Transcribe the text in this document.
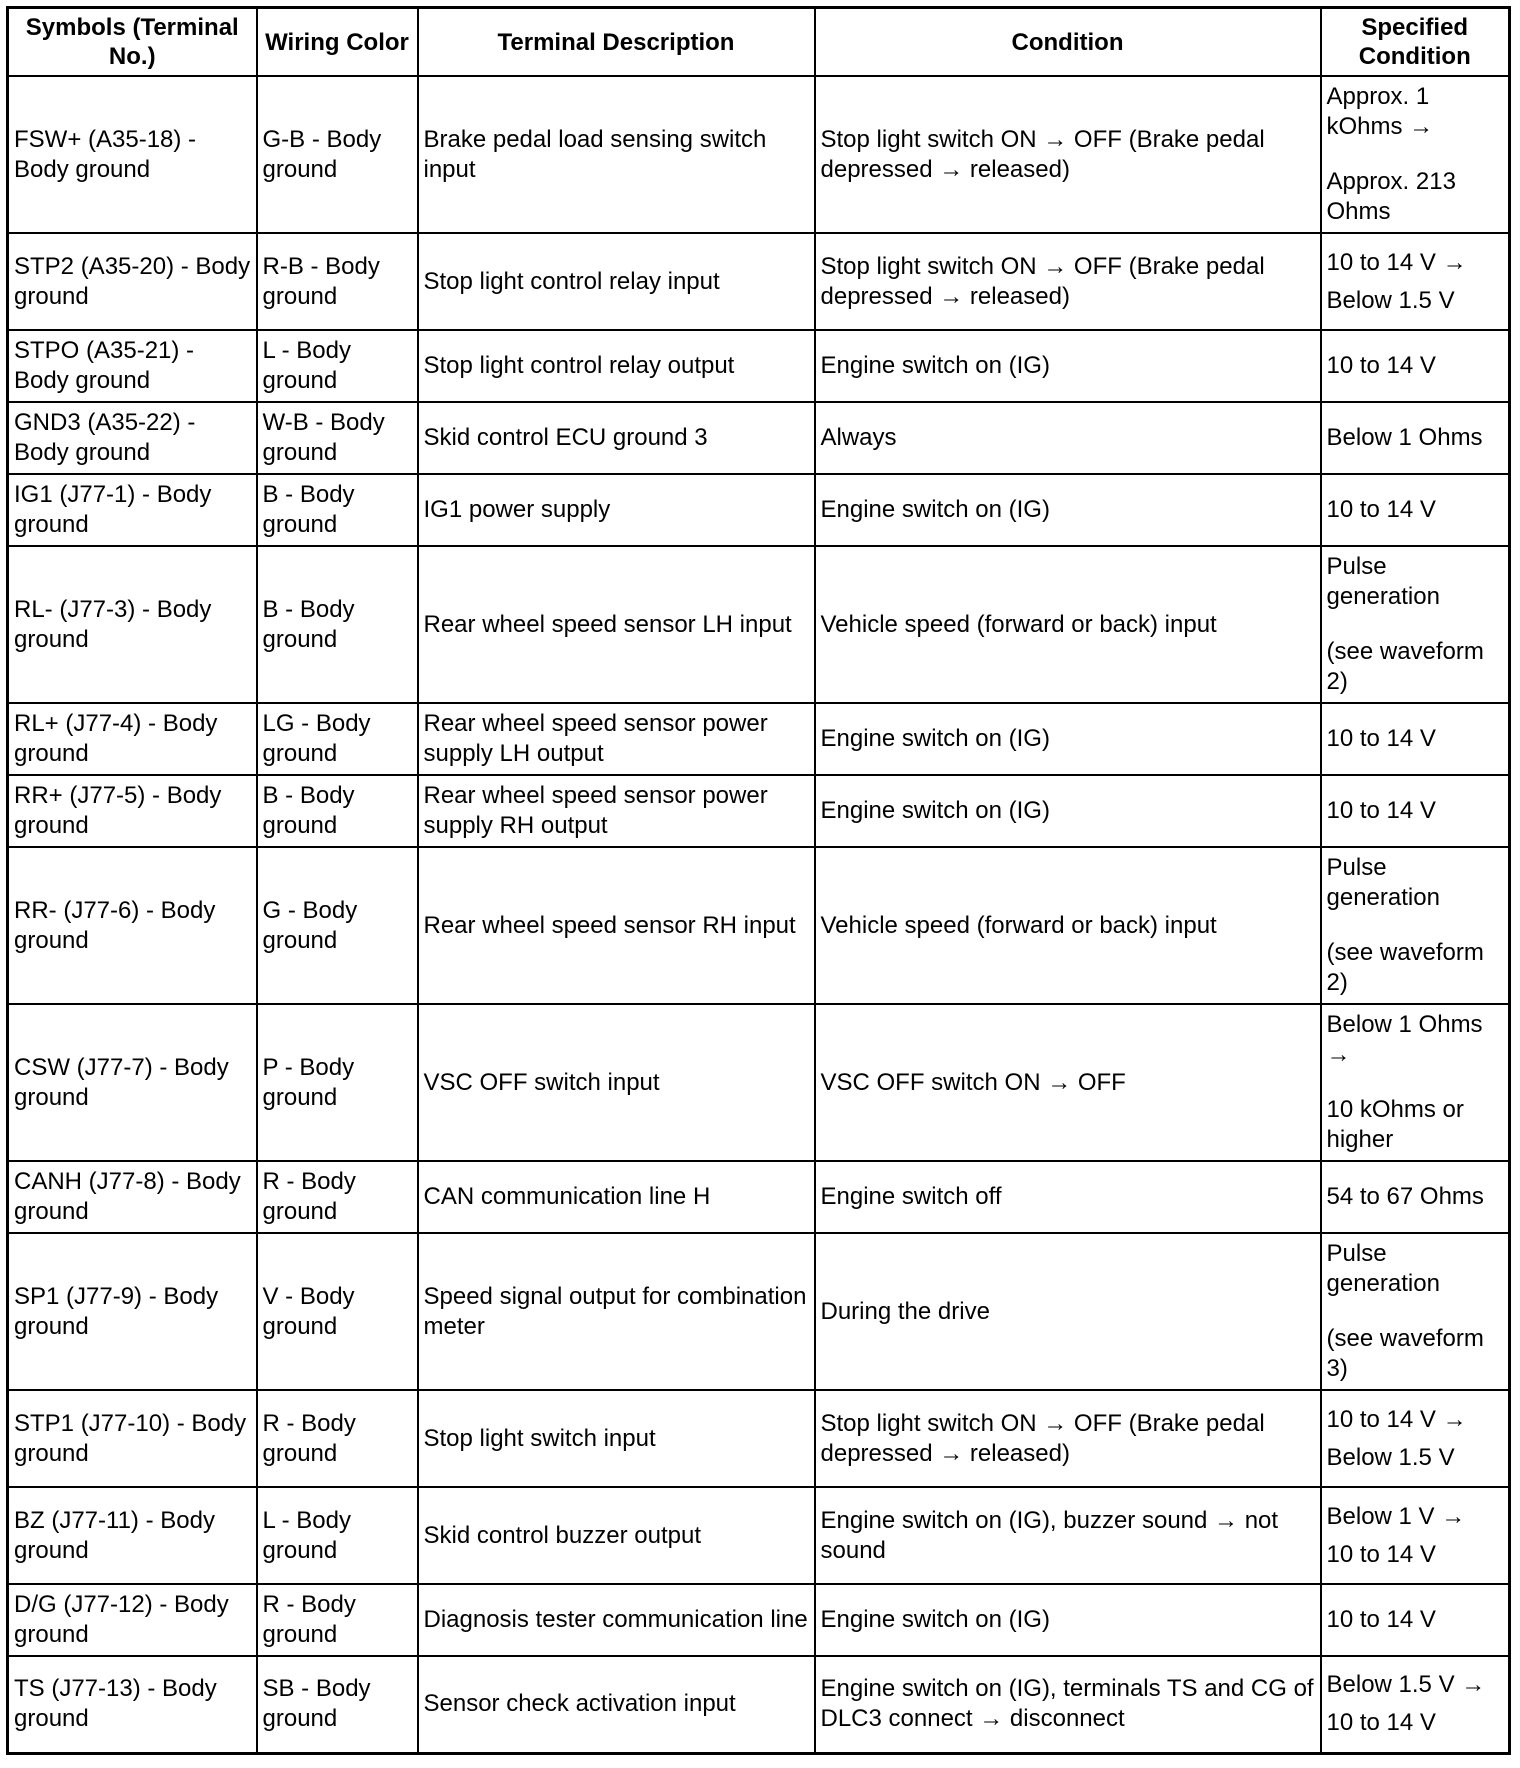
Symbols (Terminal No.)	Wiring Color	Terminal Description	Condition	Specified Condition
FSW+ (A35-18) - Body ground	G-B - Body ground	Brake pedal load sensing switch input	Stop light switch ON → OFF (Brake pedal depressed → released)	Approx. 1 kOhms →
Approx. 213 Ohms

STP2 (A35-20) - Body ground	R-B - Body ground	Stop light control relay input	Stop light switch ON → OFF (Brake pedal depressed → released)	10 to 14 V →
Below 1.5 V

STPO (A35-21) - Body ground	L - Body ground	Stop light control relay output	Engine switch on (IG)	10 to 14 V
GND3 (A35-22) - Body ground	W-B - Body ground	Skid control ECU ground 3	Always	Below 1 Ohms
IG1 (J77-1) - Body ground	B - Body ground	IG1 power supply	Engine switch on (IG)	10 to 14 V
RL- (J77-3) - Body ground	B - Body ground	Rear wheel speed sensor LH input	Vehicle speed (forward or back) input	Pulse generation
(see waveform 2)

RL+ (J77-4) - Body ground	LG - Body ground	Rear wheel speed sensor power supply LH output	Engine switch on (IG)	10 to 14 V
RR+ (J77-5) - Body ground	B - Body ground	Rear wheel speed sensor power supply RH output	Engine switch on (IG)	10 to 14 V
RR- (J77-6) - Body ground	G - Body ground	Rear wheel speed sensor RH input	Vehicle speed (forward or back) input	Pulse generation
(see waveform 2)

CSW (J77-7) - Body ground	P - Body ground	VSC OFF switch input	VSC OFF switch ON → OFF	Below 1 Ohms →
10 kOhms or higher

CANH (J77-8) - Body ground	R - Body ground	CAN communication line H	Engine switch off	54 to 67 Ohms
SP1 (J77-9) - Body ground	V - Body ground	Speed signal output for combination meter	During the drive	Pulse generation
(see waveform 3)

STP1 (J77-10) - Body ground	R - Body ground	Stop light switch input	Stop light switch ON → OFF (Brake pedal depressed → released)	10 to 14 V →
Below 1.5 V

BZ (J77-11) - Body ground	L - Body ground	Skid control buzzer output	Engine switch on (IG), buzzer sound → not sound	Below 1 V →
10 to 14 V

D/G (J77-12) - Body ground	R - Body ground	Diagnosis tester communication line	Engine switch on (IG)	10 to 14 V
TS (J77-13) - Body ground	SB - Body ground	Sensor check activation input	Engine switch on (IG), terminals TS and CG of DLC3 connect → disconnect	Below 1.5 V →
10 to 14 V
